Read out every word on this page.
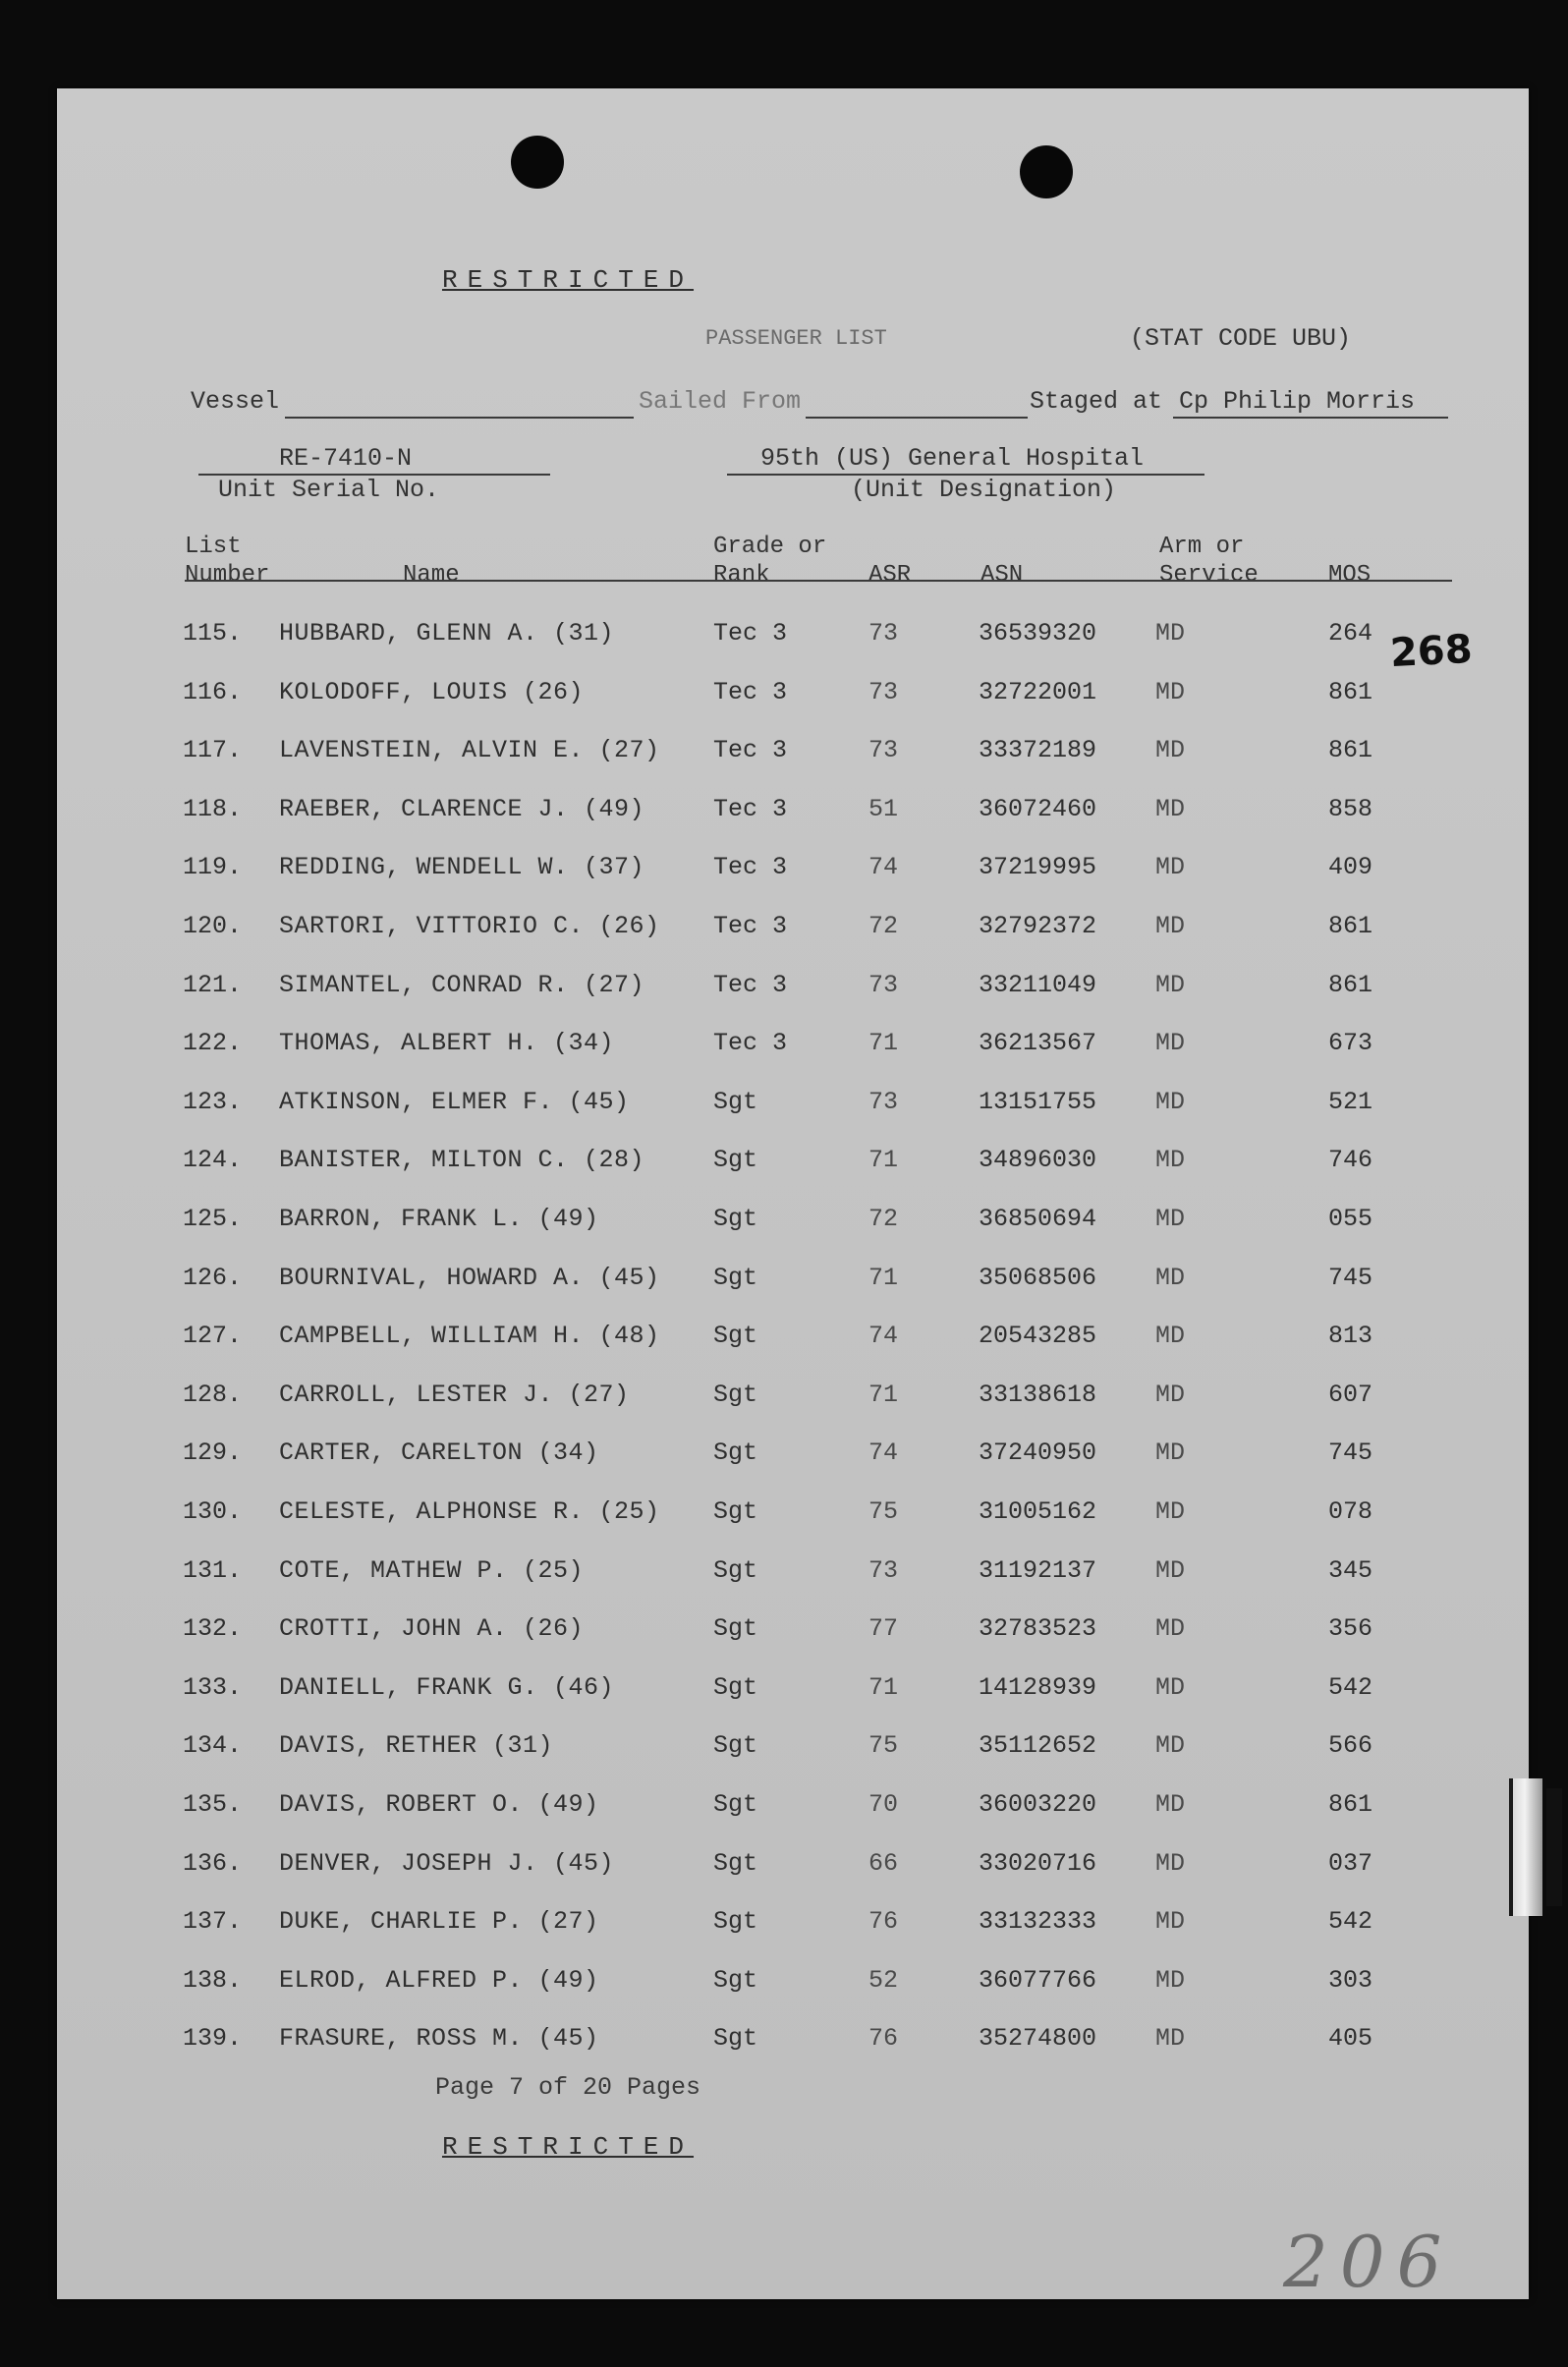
RESTRICTED
PASSENGER LIST	(STAT CODE UBU)
Vessel	Sailed From	Staged at Cp Philip Morris
RE-7410-N
Unit Serial No.
95th (US) General Hospital
(Unit Designation)
List
Number	Name
Grade or
Rank	ASR	ASN
Arm or
Service	MOS
115. HUBBARD, GLENN A. (31)	Tec 3	73	36539320 MD	264
116. KOLODOFF, LOUIS (26)	Tec 3	73	32722001 MD	861
117. LAVENSTEIN, ALVIN E. (27) Tec 3	73	33372189 MD	861
118. RAEBER, CLARENCE J. (49)	Tec 3	51	36072460 MD	858
119. REDDING, WENDELL W. (37)	Tec 3	74	37219995 MD	409
120. SARTORI, VITTORIO C. (26) Tec 3	72	32792372 MD	861
121. SIMANTEL, CONRAD R. (27)	Tec 3	73	33211049 MD	861
122. THOMAS, ALBERT H. (34)	Tec 3	71	36213567 MD	673
123. ATKINSON, ELMER F. (45)	Sgt	73	13151755 MD	521
124. BANISTER, MILTON C. (28)	Sgt	71	34896030 MD	746
125. BARRON, FRANK L. (49)	Sgt	72	36850694 MD	055
126. BOURNIVAL, HOWARD A. (45) Sgt	71	35068506 MD	745
127. CAMPBELL, WILLIAM H. (48) Sgt	74	20543285 MD	813
128. CARROLL, LESTER J. (27)	Sgt	71	33138618 MD	607
129. CARTER, CARELTON (34)	Sgt	74	37240950 MD	745
130. CELESTE, ALPHONSE R. (25) Sgt	75	31005162 MD	078
131. COTE, MATHEW P. (25)	Sgt	73	31192137 MD	345
132. CROTTI, JOHN A. (26)	Sgt	77	32783523 MD	356
133. DANIELL, FRANK G. (46)	Sgt	71	14128939 MD	542
134. DAVIS, RETHER (31)	Sgt	75	35112652 MD	566
135. DAVIS, ROBERT O. (49)	Sgt	70	36003220 MD	861
136. DENVER, JOSEPH J. (45)	Sgt	66	33020716 MD	037
137. DUKE, CHARLIE P. (27)	Sgt	76	33132333 MD	542
138. ELROD, ALFRED P. (49)	Sgt	52	36077766 MD	303
139. FRASURE, ROSS M. (45)	Sgt	76	35274800 MD	405
268
Page 7 of 20 Pages
RESTRICTED
206
